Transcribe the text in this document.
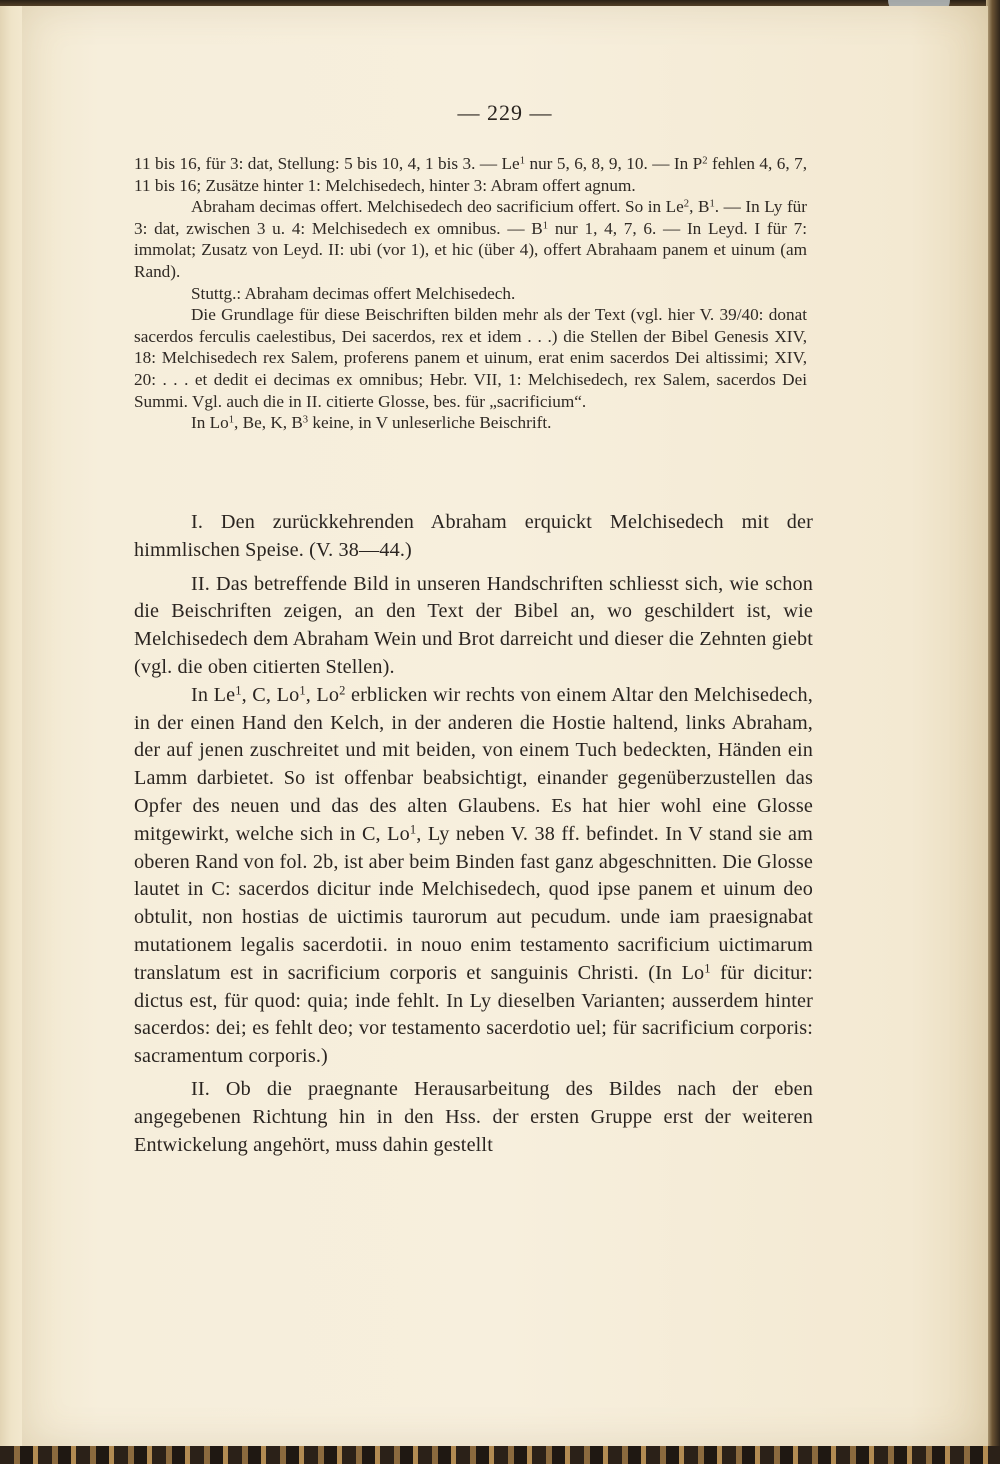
— 229 —

11 bis 16, für 3: dat, Stellung: 5 bis 10, 4, 1 bis 3. — Le$^1$ nur 5, 6, 8, 9, 10. — In $P^2$ fehlen 4, 6, 7, 11 bis 16; Zusätze hinter 1: Melchisedech, hinter 3: Abram offert agnum.

Abraham decimas offert. Melchisedech deo sacrificium offert. So in Le$^2$, $B^1$. — In Ly für 3: dat, zwischen 3 u. 4: Melchisedech ex omnibus. — $B^1$ nur 1, 4, 7, 6. — In Leyd. I für 7: immolat; Zusatz von Leyd. II: ubi (vor 1), et hic (über 4), offert Abrahaam panem et uinum (am Rand).

Stuttg.: Abraham decimas offert Melchisedech.

Die Grundlage für diese Beischriften bilden mehr als der Text (vgl. hier V. 39/40: donat sacerdos ferculis caelestibus, Dei sacerdos, rex et idem . . .) die Stellen der Bibel Genesis XIV, 18: Melchisedech rex Salem, proferens panem et uinum, erat enim sacerdos Dei altissimi; XIV, 20: . . . et dedit ei decimas ex omnibus; Hebr. VII, 1: Melchisedech, rex Salem, sacerdos Dei Summi. Vgl. auch die in II. citierte Glosse, bes. für „sacrificium“.

In Lo$^1$, Be, K, $B^3$ keine, in V unleserliche Beischrift.

I. Den zurückkehrenden Abraham erquickt Melchisedech mit der himmlischen Speise. (V. 38—44.)

II. Das betreffende Bild in unseren Handschriften schliesst sich, wie schon die Beischriften zeigen, an den Text der Bibel an, wo geschildert ist, wie Melchisedech dem Abraham Wein und Brot darreicht und dieser die Zehnten giebt (vgl. die oben citierten Stellen).

In Le$^1$, C, Lo$^1$, Lo$^2$ erblicken wir rechts von einem Altar den Melchisedech, in der einen Hand den Kelch, in der anderen die Hostie haltend, links Abraham, der auf jenen zuschreitet und mit beiden, von einem Tuch bedeckten, Händen ein Lamm darbietet. So ist offenbar beabsichtigt, einander gegenüberzustellen das Opfer des neuen und das des alten Glaubens. Es hat hier wohl eine Glosse mitgewirkt, welche sich in C, Lo$^1$, Ly neben V. 38 ff. befindet. In V stand sie am oberen Rand von fol. 2b, ist aber beim Binden fast ganz abgeschnitten. Die Glosse lautet in C: sacerdos dicitur inde Melchisedech, quod ipse panem et uinum deo obtulit, non hostias de uictimis taurorum aut pecudum. unde iam praesignabat mutationem legalis sacerdotii. in nouo enim testamento sacrificium uictimarum translatum est in sacrificium corporis et sanguinis Christi. (In Lo$^1$ für dicitur: dictus est, für quod: quia; inde fehlt. In Ly dieselben Varianten; ausserdem hinter sacerdos: dei; es fehlt deo; vor testamento sacerdotio uel; für sacrificium corporis: sacramentum corporis.)

II. Ob die praegnante Herausarbeitung des Bildes nach der eben angegebenen Richtung hin in den Hss. der ersten Gruppe erst der weiteren Entwickelung angehört, muss dahin gestellt
